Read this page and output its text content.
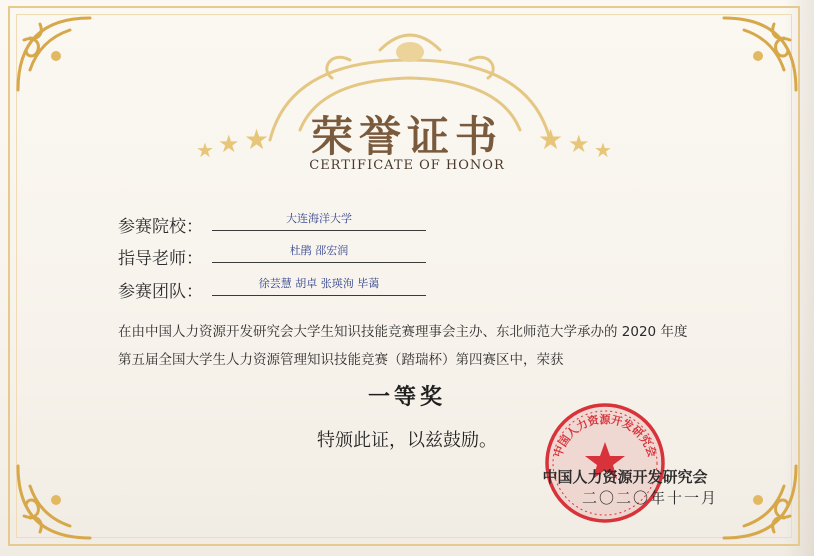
荣誉证书
CERTIFICATE OF HONOR
★ ★ ★	★ ★ ★
参赛院校：	大连海洋大学
指导老师：	杜鹃 邵宏润
参赛团队：	徐芸慧 胡卓 张瑛洵 毕蔼
在由中国人力资源开发研究会大学生知识技能竞赛理事会主办、东北师范大学承办的 2020 年度
第五届全国大学生人力资源管理知识技能竞赛（踏瑞杯）第四赛区中，荣获
一等奖
特颁此证，以兹鼓励。
中国人力资源开发研究会
中国人力资源开发研究会
二〇二〇年十一月
